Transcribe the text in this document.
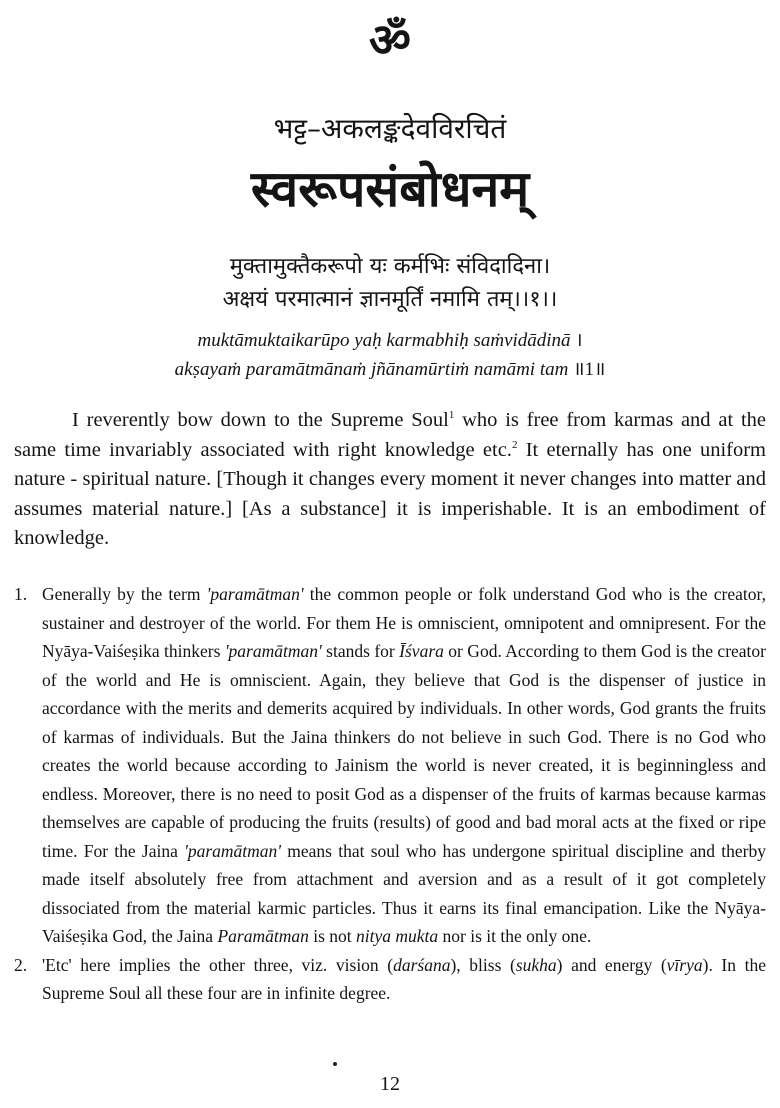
ॐ
भट्ट–अकलङ्कदेवविरचितं
स्वरूपसंबोधनम्
मुक्तामुक्तैकरूपो यः कर्मभिः संविदादिना।
अक्षयं परमात्मानं ज्ञानमूर्तिं नमामि तम्।।१।।
muktāmuktaikarūpo yaḥ karmabhiḥ saṁvidādinā ।
akṣayaṁ paramātmānaṁ jñānamūrtiṁ namāmi tam ॥1॥
I reverently bow down to the Supreme Soul$^1$ who is free from karmas and at the same time invariably associated with right knowledge etc.$^2$ It eternally has one uniform nature - spiritual nature. [Though it changes every moment it never changes into matter and assumes material nature.] [As a substance] it is imperishable. It is an embodiment of knowledge.
1. Generally by the term 'paramātman' the common people or folk understand God who is the creator, sustainer and destroyer of the world. For them He is omniscient, omnipotent and omnipresent. For the Nyāya-Vaiśeṣika thinkers 'paramātman' stands for Īśvara or God. According to them God is the creator of the world and He is omniscient. Again, they believe that God is the dispenser of justice in accordance with the merits and demerits acquired by individuals. In other words, God grants the fruits of karmas of individuals. But the Jaina thinkers do not believe in such God. There is no God who creates the world because according to Jainism the world is never created, it is beginningless and endless. Moreover, there is no need to posit God as a dispenser of the fruits of karmas because karmas themselves are capable of producing the fruits (results) of good and bad moral acts at the fixed or ripe time. For the Jaina 'paramātman' means that soul who has undergone spiritual discipline and therby made itself absolutely free from attachment and aversion and as a result of it got completely dissociated from the material karmic particles. Thus it earns its final emancipation. Like the Nyāya-Vaiśeṣika God, the Jaina Paramātman is not nitya mukta nor is it the only one.
2. 'Etc' here implies the other three, viz. vision (darśana), bliss (sukha) and energy (vīrya). In the Supreme Soul all these four are in infinite degree.
12
